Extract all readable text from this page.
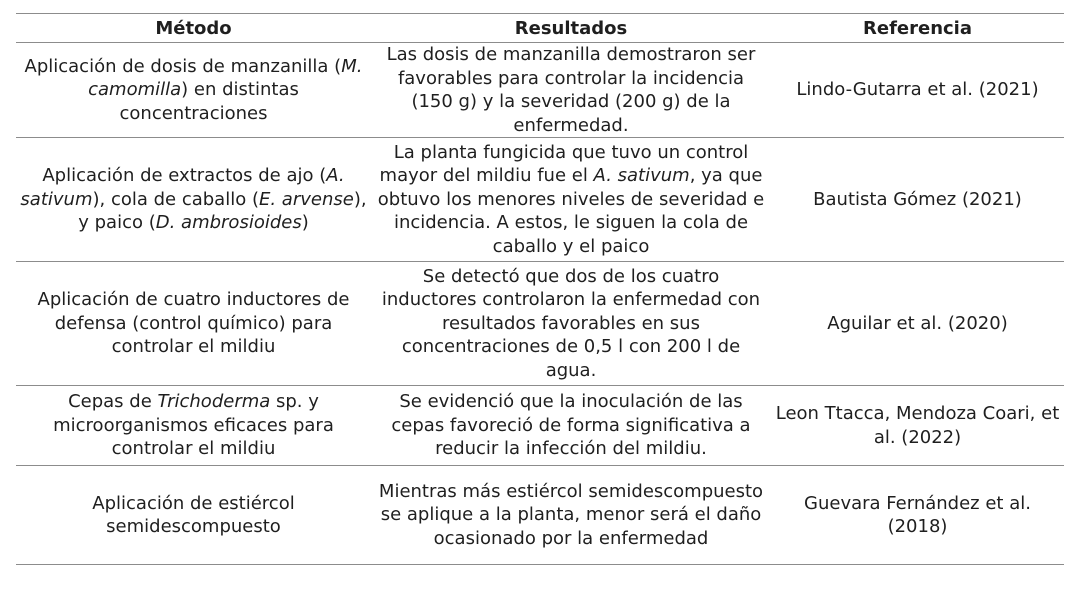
Método	Resultados	Referencia
Aplicación de dosis de manzanilla (M. camomilla) en distintas concentraciones	Las dosis de manzanilla demostraron ser favorables para controlar la incidencia (150 g) y la severidad (200 g) de la enfermedad.	Lindo-Gutarra et al. (2021)
Aplicación de extractos de ajo (A. sativum), cola de caballo (E. arvense), y paico (D. ambrosioides)	La planta fungicida que tuvo un control mayor del mildiu fue el A. sativum, ya que obtuvo los menores niveles de severidad e incidencia. A estos, le siguen la cola de caballo y el paico	Bautista Gómez (2021)
Aplicación de cuatro inductores de defensa (control químico) para controlar el mildiu	Se detectó que dos de los cuatro inductores controlaron la enfermedad con resultados favorables en sus concentraciones de 0,5 l con 200 l de agua.	Aguilar et al. (2020)
Cepas de Trichoderma sp. y microorganismos eficaces para controlar el mildiu	Se evidenció que la inoculación de las cepas favoreció de forma significativa a reducir la infección del mildiu.	Leon Ttacca, Mendoza Coari, et al. (2022)
Aplicación de estiércol semidescompuesto	Mientras más estiércol semidescompuesto se aplique a la planta, menor será el daño ocasionado por la enfermedad	Guevara Fernández et al. (2018)
